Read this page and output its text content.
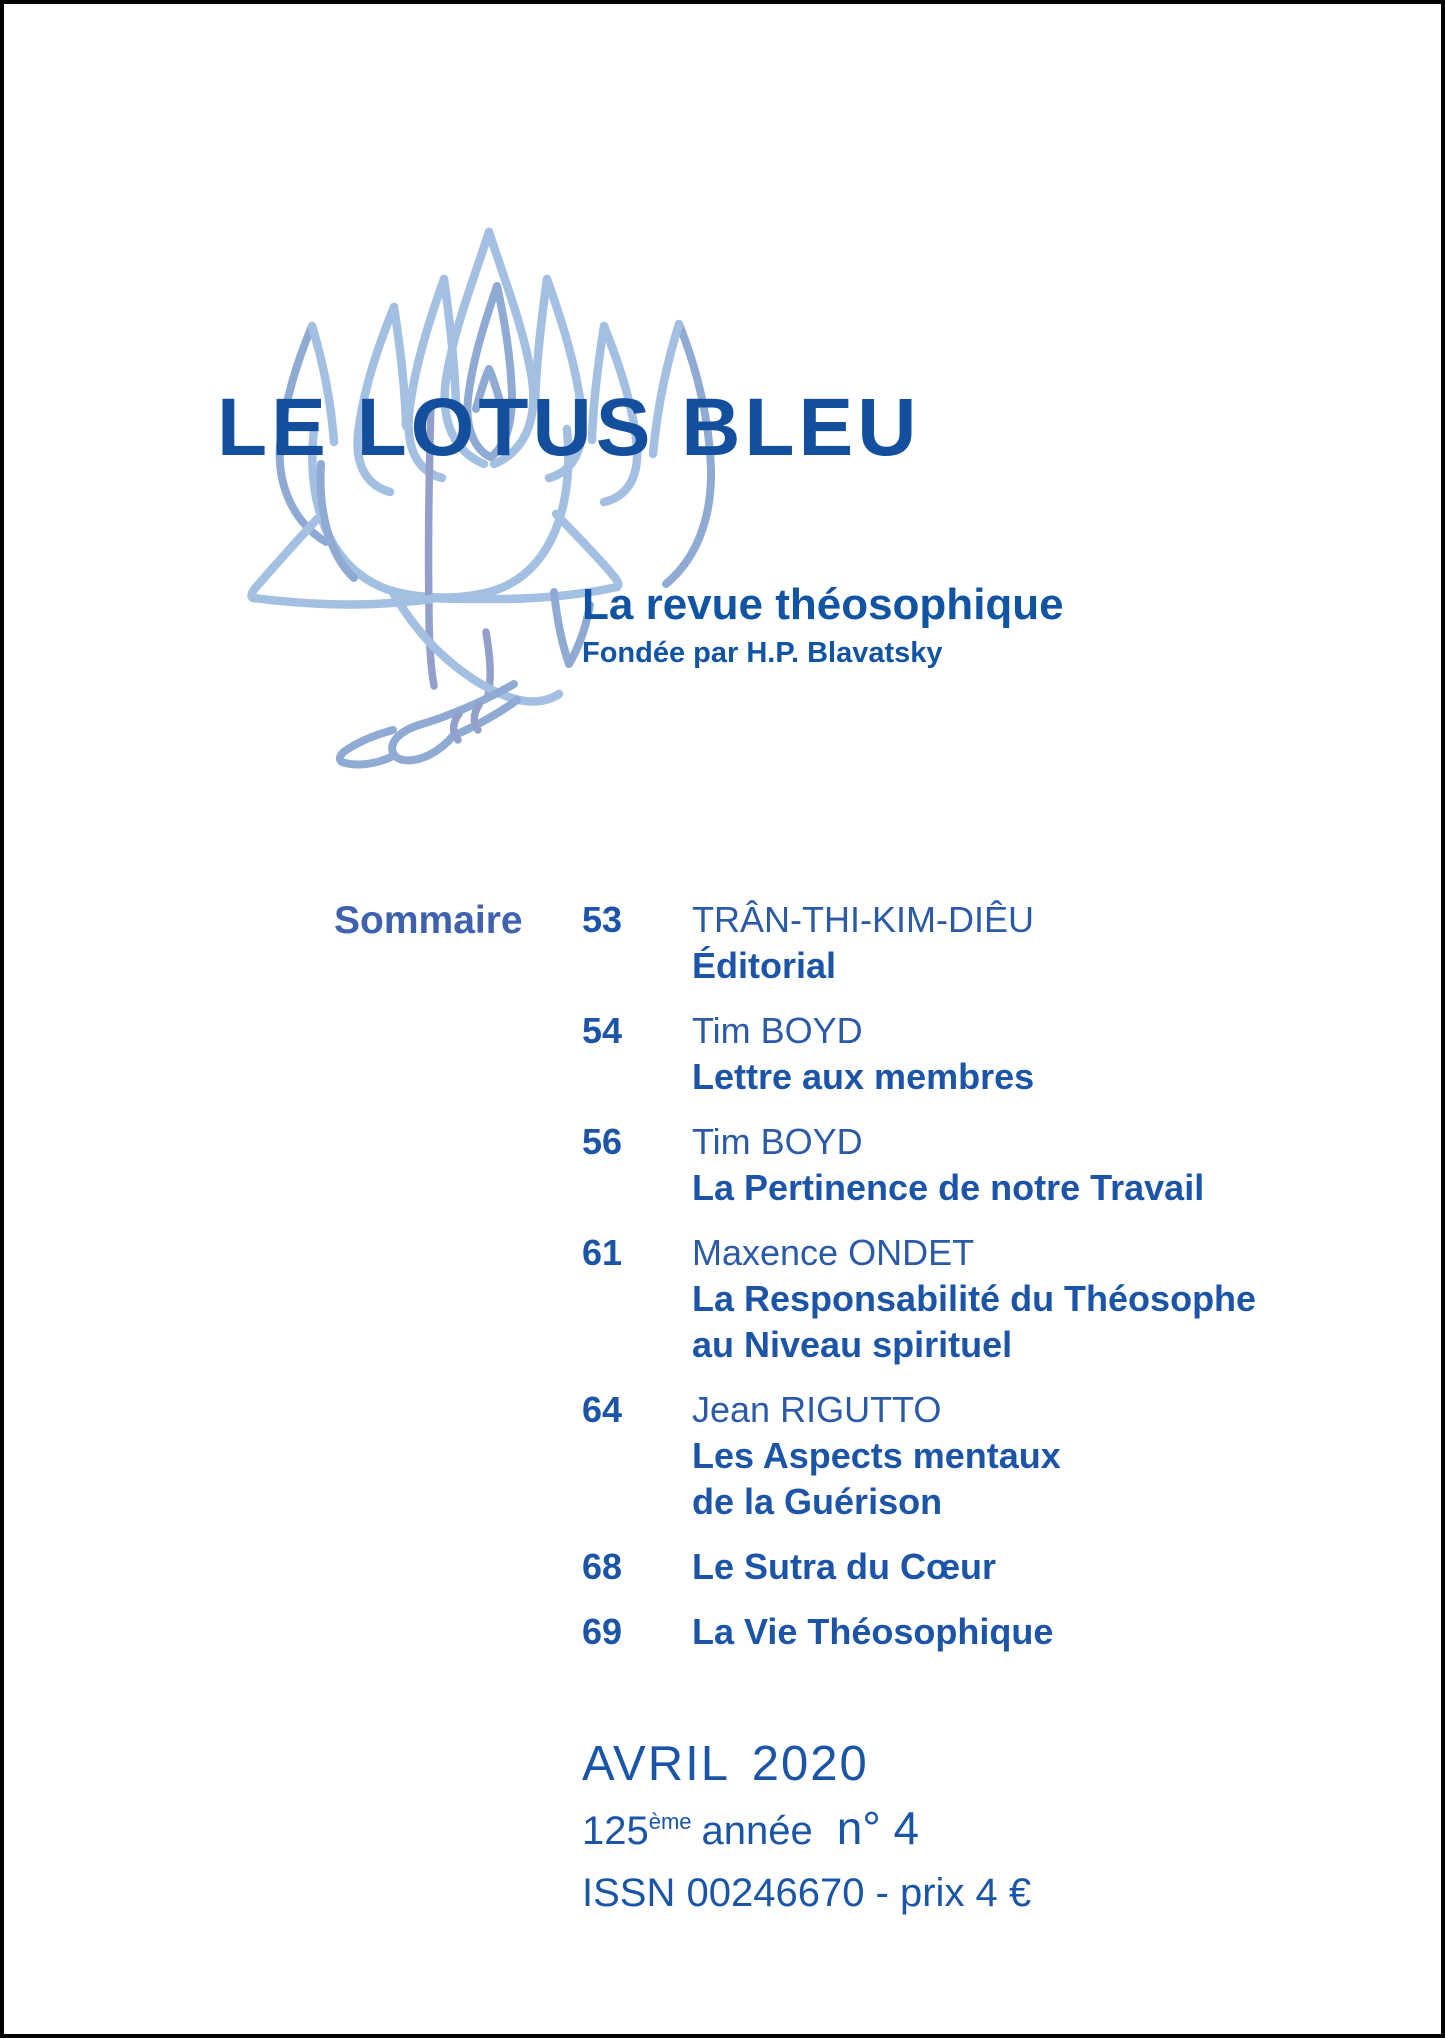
LE LOTUS BLEU
La revue théosophique
Fondée par H.P. Blavatsky
Sommaire 53	TRÂN-THI-KIM-DIÊU
Éditorial
54	Tim BOYD
Lettre aux membres
56	Tim BOYD
La Pertinence de notre Travail
61	Maxence ONDET
La Responsabilité du Théosophe
au Niveau spirituel
64	Jean RIGUTTO
Les Aspects mentaux
de la Guérison
68	Le Sutra du Cœur
69	La Vie Théosophique
AVRIL 2020
125ème année n° 4
ISSN 00246670 - prix 4 €
